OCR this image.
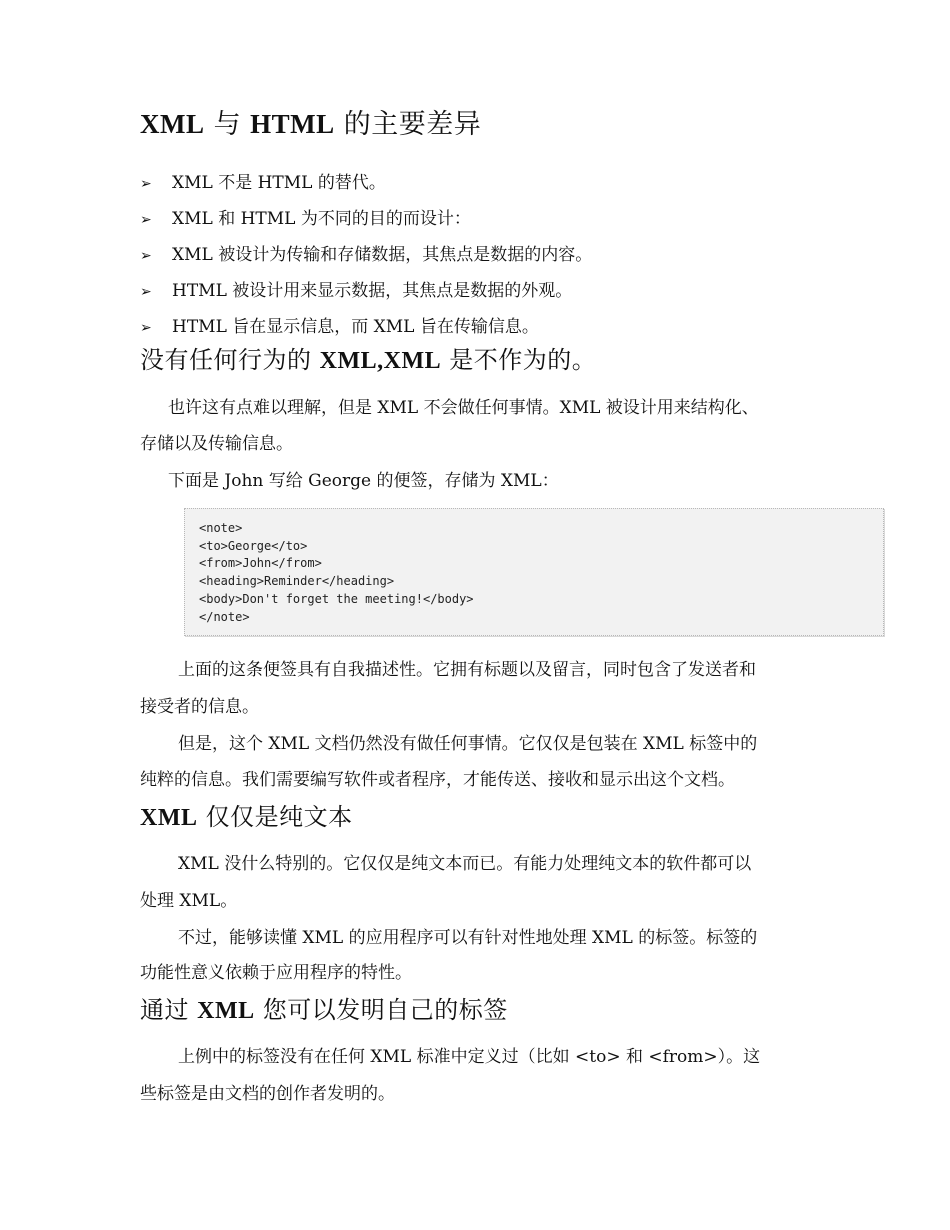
XML 与 HTML 的主要差异
➢ XML 不是 HTML 的替代。
➢ XML 和 HTML 为不同的目的而设计：
➢ XML 被设计为传输和存储数据，其焦点是数据的内容。
➢ HTML 被设计用来显示数据，其焦点是数据的外观。
➢ HTML 旨在显示信息，而 XML 旨在传输信息。
没有任何行为的 XML,XML 是不作为的。
也许这有点难以理解，但是 XML 不会做任何事情。XML 被设计用来结构化、
存储以及传输信息。
下面是 John 写给 George 的便签，存储为 XML：
<note>
<to>George</to>
<from>John</from>
<heading>Reminder</heading>
<body>Don't forget the meeting!</body>
</note>
上面的这条便签具有自我描述性。它拥有标题以及留言，同时包含了发送者和
接受者的信息。
但是，这个 XML 文档仍然没有做任何事情。它仅仅是包装在 XML 标签中的
纯粹的信息。我们需要编写软件或者程序，才能传送、接收和显示出这个文档。
XML 仅仅是纯文本
XML 没什么特别的。它仅仅是纯文本而已。有能力处理纯文本的软件都可以
处理 XML。
不过，能够读懂 XML 的应用程序可以有针对性地处理 XML 的标签。标签的
功能性意义依赖于应用程序的特性。
通过 XML 您可以发明自己的标签
上例中的标签没有在任何 XML 标准中定义过（比如 <to> 和 <from>）。这
些标签是由文档的创作者发明的。
